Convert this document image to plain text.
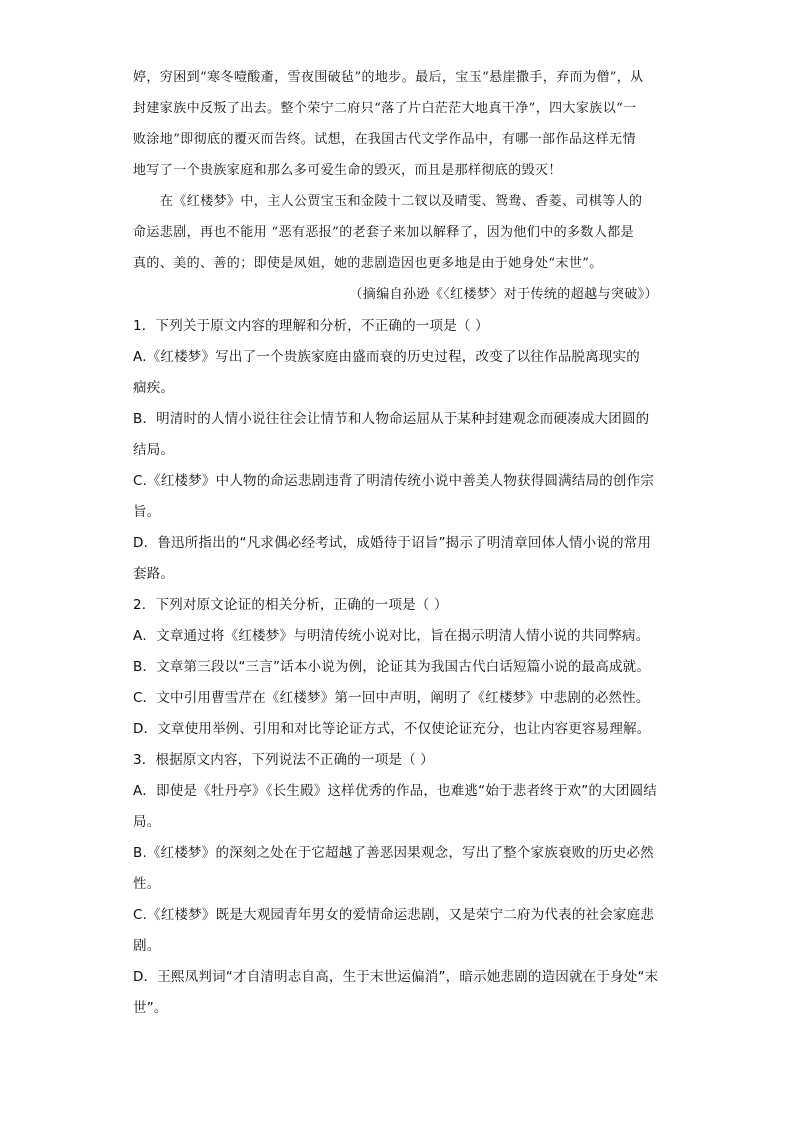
婷，穷困到“寒冬噎酸齑，雪夜围破毡”的地步。最后，宝玉“悬崖撒手，弃而为僧”，从
封建家族中反叛了出去。整个荣宁二府只“落了片白茫茫大地真干净”，四大家族以“一
败涂地”即彻底的覆灭而告终。试想，在我国古代文学作品中，有哪一部作品这样无情
地写了一个贵族家庭和那么多可爱生命的毁灭，而且是那样彻底的毁灭！
在《红楼梦》中，主人公贾宝玉和金陵十二钗以及晴雯、鸳鸯、香菱、司棋等人的
命运悲剧，再也不能用 “恶有恶报”的老套子来加以解释了，因为他们中的多数人都是
真的、美的、善的；即使是凤姐，她的悲剧造因也更多地是由于她身处“末世”。
（摘编自孙逊《〈红楼梦〉对于传统的超越与突破》）
1．下列关于原文内容的理解和分析，不正确的一项是（ ）
A.《红楼梦》写出了一个贵族家庭由盛而衰的历史过程，改变了以往作品脱离现实的
痼疾。
B．明清时的人情小说往往会让情节和人物命运屈从于某种封建观念而硬凑成大团圆的
结局。
C.《红楼梦》中人物的命运悲剧违背了明清传统小说中善美人物获得圆满结局的创作宗
旨。
D．鲁迅所指出的“凡求偶必经考试，成婚待于诏旨”揭示了明清章回体人情小说的常用
套路。
2．下列对原文论证的相关分析，正确的一项是（ ）
A．文章通过将《红楼梦》与明清传统小说对比，旨在揭示明清人情小说的共同弊病。
B．文章第三段以“三言”话本小说为例，论证其为我国古代白话短篇小说的最高成就。
C．文中引用曹雪芹在《红楼梦》第一回中声明，阐明了《红楼梦》中悲剧的必然性。
D．文章使用举例、引用和对比等论证方式，不仅使论证充分，也让内容更容易理解。
3．根据原文内容，下列说法不正确的一项是（ ）
A．即使是《牡丹亭》《长生殿》这样优秀的作品，也难逃“始于悲者终于欢”的大团圆结
局。
B.《红楼梦》的深刻之处在于它超越了善恶因果观念，写出了整个家族衰败的历史必然
性。
C.《红楼梦》既是大观园青年男女的爱情命运悲剧，又是荣宁二府为代表的社会家庭悲
剧。
D．王熙凤判词“才自清明志自高，生于末世运偏消”，暗示她悲剧的造因就在于身处“末
世”。
